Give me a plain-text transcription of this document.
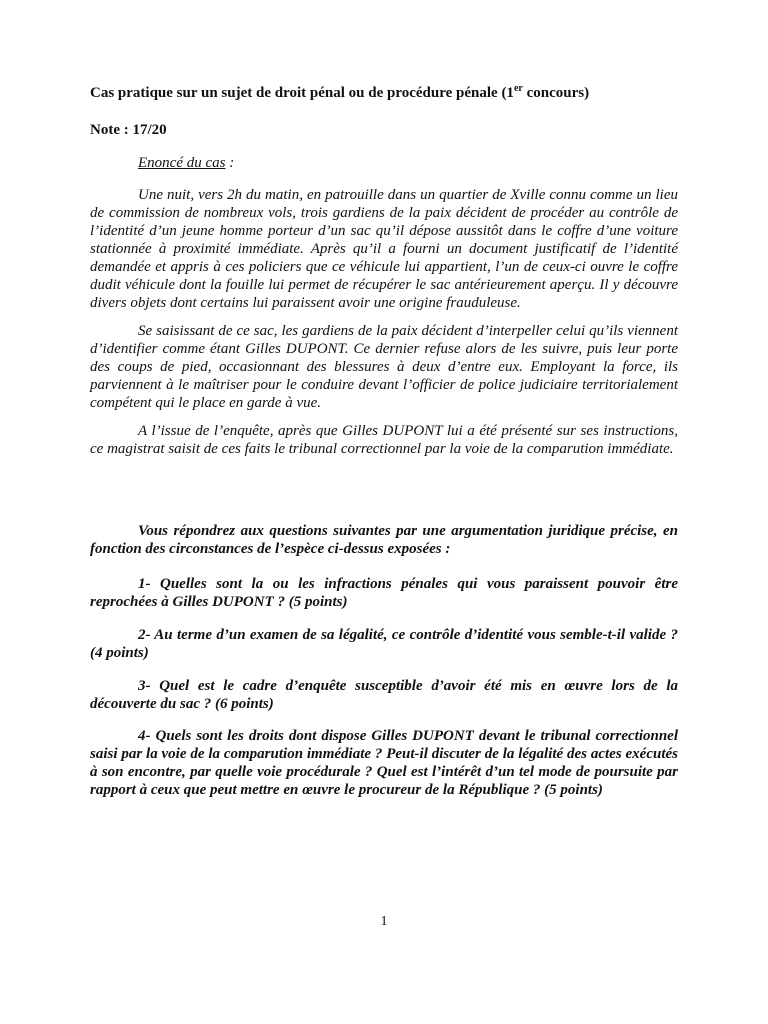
Cas pratique sur un sujet de droit pénal ou de procédure pénale (1er concours)
Note : 17/20
Enoncé du cas :

Une nuit, vers 2h du matin, en patrouille dans un quartier de Xville connu comme un lieu de commission de nombreux vols, trois gardiens de la paix décident de procéder au contrôle de l’identité d’un jeune homme porteur d’un sac qu’il dépose aussitôt dans le coffre d’une voiture stationnée à proximité immédiate. Après qu’il a fourni un document justificatif de l’identité demandée et appris à ces policiers que ce véhicule lui appartient, l’un de ceux-ci ouvre le coffre dudit véhicule dont la fouille lui permet de récupérer le sac antérieurement aperçu. Il y découvre divers objets dont certains lui paraissent avoir une origine frauduleuse.

Se saisissant de ce sac, les gardiens de la paix décident d’interpeller celui qu’ils viennent d’identifier comme étant Gilles DUPONT. Ce dernier refuse alors de les suivre, puis leur porte des coups de pied, occasionnant des blessures à deux d’entre eux. Employant la force, ils parviennent à le maîtriser pour le conduire devant l’officier de police judiciaire territorialement compétent qui le place en garde à vue.

A l’issue de l’enquête, après que Gilles DUPONT lui a été présenté sur ses instructions, ce magistrat saisit de ces faits le tribunal correctionnel par la voie de la comparution immédiate.

Vous répondrez aux questions suivantes par une argumentation juridique précise, en fonction des circonstances de l’espèce ci-dessus exposées :

1- Quelles sont la ou les infractions pénales qui vous paraissent pouvoir être reprochées à Gilles DUPONT ? (5 points)

2- Au terme d’un examen de sa légalité, ce contrôle d’identité vous semble-t-il valide ? (4 points)

3- Quel est le cadre d’enquête susceptible d’avoir été mis en œuvre lors de la découverte du sac ? (6 points)

4- Quels sont les droits dont dispose Gilles DUPONT devant le tribunal correctionnel saisi par la voie de la comparution immédiate ? Peut-il discuter de la légalité des actes exécutés à son encontre, par quelle voie procédurale ? Quel est l’intérêt d’un tel mode de poursuite par rapport à ceux que peut mettre en œuvre le procureur de la République ? (5 points)

1
